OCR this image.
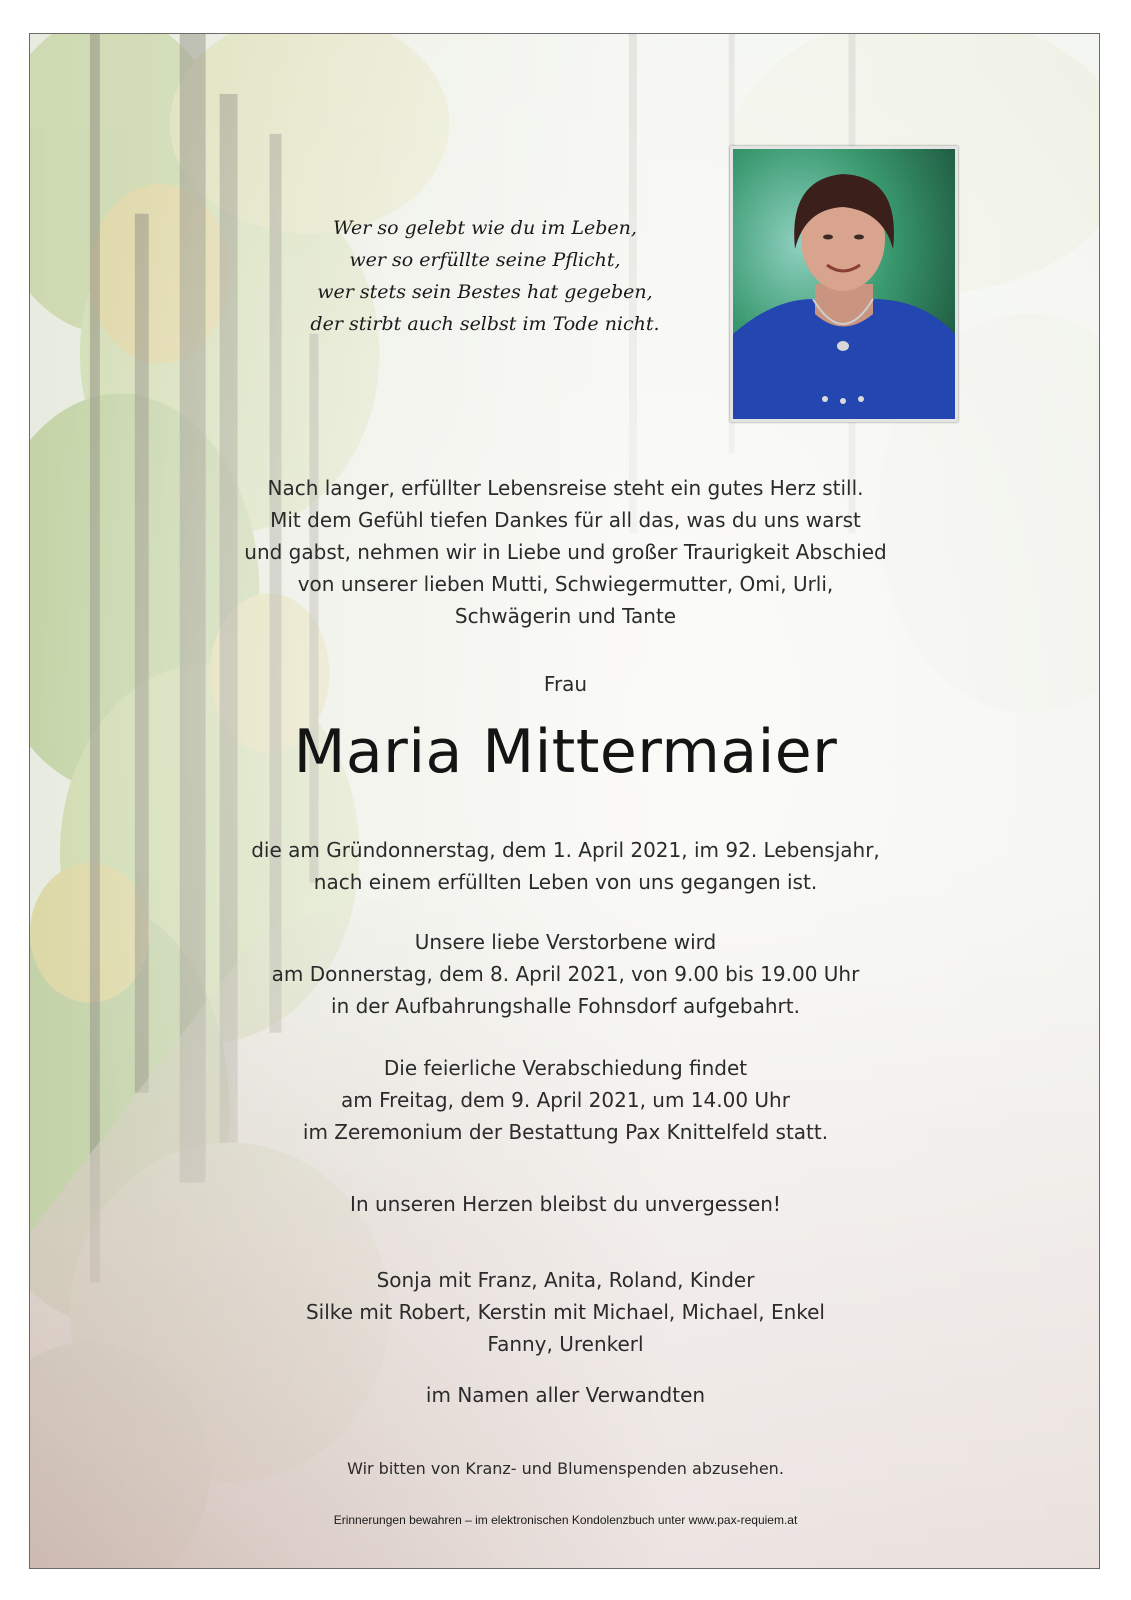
Wer so gelebt wie du im Leben,
wer so erfüllte seine Pflicht,
wer stets sein Bestes hat gegeben,
der stirbt auch selbst im Tode nicht.
Nach langer, erfüllter Lebensreise steht ein gutes Herz still.
Mit dem Gefühl tiefen Dankes für all das, was du uns warst
und gabst, nehmen wir in Liebe und großer Traurigkeit Abschied
von unserer lieben Mutti, Schwiegermutter, Omi, Urli,
Schwägerin und Tante
Frau
Maria Mittermaier
die am Gründonnerstag, dem 1. April 2021, im 92. Lebensjahr,
nach einem erfüllten Leben von uns gegangen ist.
Unsere liebe Verstorbene wird
am Donnerstag, dem 8. April 2021, von 9.00 bis 19.00 Uhr
in der Aufbahrungshalle Fohnsdorf aufgebahrt.
Die feierliche Verabschiedung findet
am Freitag, dem 9. April 2021, um 14.00 Uhr
im Zeremonium der Bestattung Pax Knittelfeld statt.
In unseren Herzen bleibst du unvergessen!
Sonja mit Franz, Anita, Roland, Kinder
Silke mit Robert, Kerstin mit Michael, Michael, Enkel
Fanny, Urenkerl
im Namen aller Verwandten
Wir bitten von Kranz- und Blumenspenden abzusehen.
Erinnerungen bewahren – im elektronischen Kondolenzbuch unter www.pax-requiem.at
